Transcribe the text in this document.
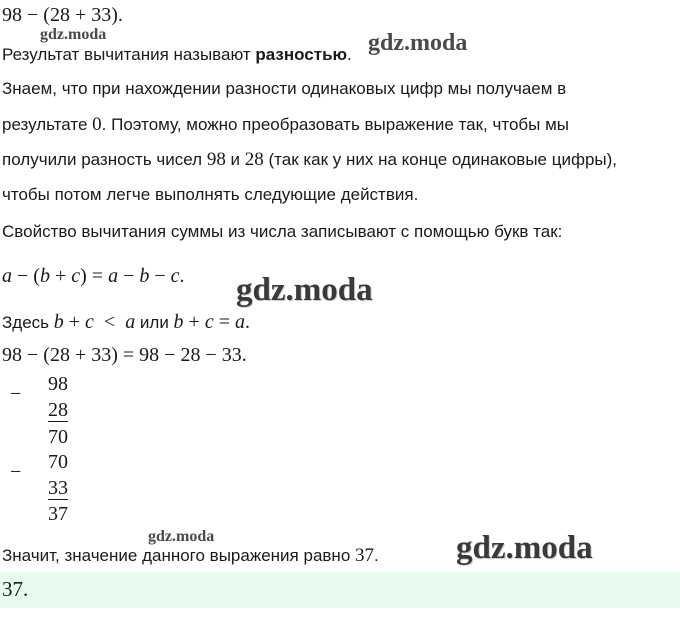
98 − (28 + 33).
gdz.moda
Результат вычитания называют разностью. gdz.moda
Знаем, что при нахождении разности одинаковых цифр мы получаем в
результате 0. Поэтому, можно преобразовать выражение так, чтобы мы
получили разность чисел 98 и 28 (так как у них на конце одинаковые цифры),
чтобы потом легче выполнять следующие действия.
Свойство вычитания суммы из числа записывают с помощью букв так:
a − (b + c) = a − b − c. gdz.moda
Здесь b + c  <  a или b + c = a.
98 − (28 + 33) = 98 − 28 − 33.
− 98
28
70
− 70
33
37
gdz.moda
Значит, значение данного выражения равно 37. gdz.moda
37.
